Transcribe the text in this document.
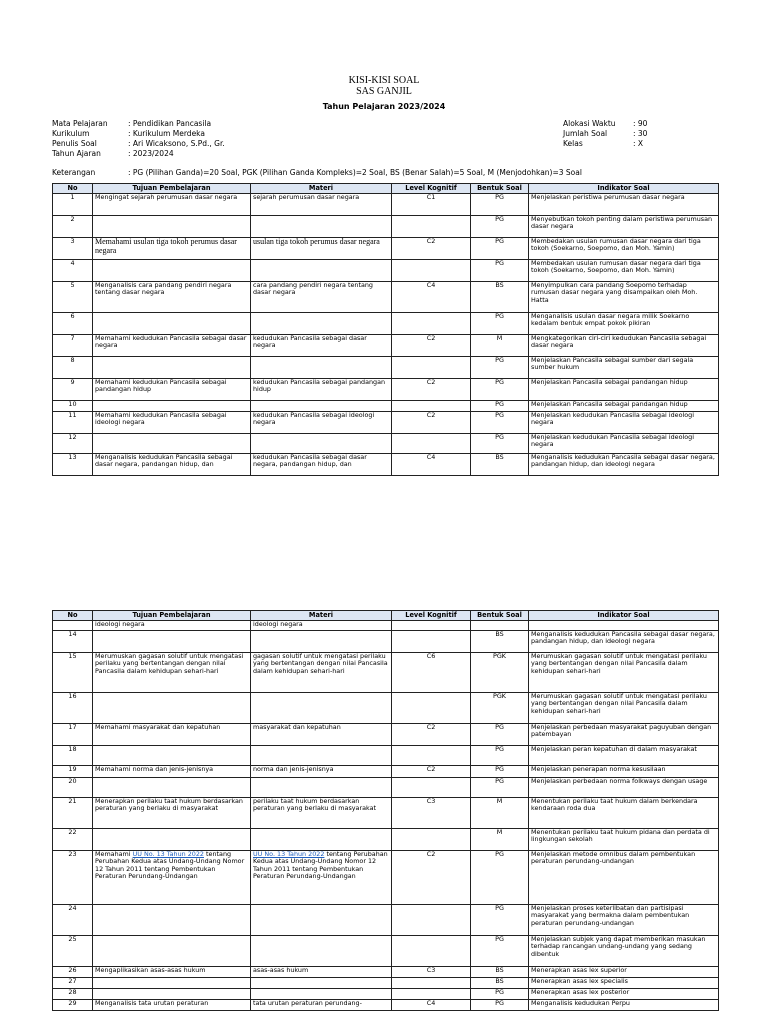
KISI-KISI SOAL
SAS GANJIL
Tahun Pelajaran 2023/2024
Mata Pelajaran	: Pendidikan Pancasila
Kurikulum	: Kurikulum Merdeka
Penulis Soal	: Ari Wicaksono, S.Pd., Gr.
Tahun Ajaran	: 2023/2024
Alokasi Waktu	: 90
Jumlah Soal	: 30
Kelas	: X
Keterangan	: PG (Pilihan Ganda)=20 Soal, PGK (Pilihan Ganda Kompleks)=2 Soal, BS (Benar Salah)=5 Soal, M (Menjodohkan)=3 Soal
No	Tujuan Pembelajaran	Materi	Level Kognitif	Bentuk Soal	Indikator Soal
1	Mengingat sejarah perumusan dasar negara	sejarah perumusan dasar negara	C1	PG	Menjelaskan peristiwa perumusan dasar negara
2				PG	Menyebutkan tokoh penting dalam peristiwa perumusan dasar negara
3	Memahami usulan tiga tokoh perumus dasar negara	usulan tiga tokoh perumus dasar negara	C2	PG	Membedakan usulan rumusan dasar negara dari tiga tokoh (Soekarno, Soepomo, dan Moh. Yamin)
4				PG	Membedakan usulan rumusan dasar negara dari tiga tokoh (Soekarno, Soepomo, dan Moh. Yamin)
5	Menganalisis cara pandang pendiri negara tentang dasar negara	cara pandang pendiri negara tentang dasar negara	C4	BS	Menyimpulkan cara pandang Soepomo terhadap rumusan dasar negara yang disampaikan oleh Moh. Hatta
6				PG	Menganalisis usulan dasar negara milik Soekarno kedalam bentuk empat pokok pikiran
7	Memahami kedudukan Pancasila sebagai dasar negara	kedudukan Pancasila sebagai dasar negara	C2	M	Mengkategorikan ciri-ciri kedudukan Pancasila sebagai dasar negara
8				PG	Menjelaskan Pancasila sebagai sumber dari segala sumber hukum
9	Memahami kedudukan Pancasila sebagai pandangan hidup	kedudukan Pancasila sebagai pandangan hidup	C2	PG	Menjelaskan Pancasila sebagai pandangan hidup
10				PG	Menjelaskan Pancasila sebagai pandangan hidup
11	Memahami kedudukan Pancasila sebagai ideologi negara	kedudukan Pancasila sebagai ideologi negara	C2	PG	Menjelaskan kedudukan Pancasila sebagai ideologi negara
12				PG	Menjelaskan kedudukan Pancasila sebagai ideologi negara
13	Menganalisis kedudukan Pancasila sebagai dasar negara, pandangan hidup, dan	kedudukan Pancasila sebagai dasar negara, pandangan hidup, dan	C4	BS	Menganalisis kedudukan Pancasila sebagai dasar negara, pandangan hidup, dan ideologi negara
No	Tujuan Pembelajaran	Materi	Level Kognitif	Bentuk Soal	Indikator Soal
	ideologi negara	ideologi negara			
14				BS	Menganalisis kedudukan Pancasila sebagai dasar negara, pandangan hidup, dan ideologi negara
15	Merumuskan gagasan solutif untuk mengatasi perilaku yang bertentangan dengan nilai Pancasila dalam kehidupan sehari-hari	gagasan solutif untuk mengatasi perilaku yang bertentangan dengan nilai Pancasila dalam kehidupan sehari-hari	C6	PGK	Merumuskan gagasan solutif untuk mengatasi perilaku yang bertentangan dengan nilai Pancasila dalam kehidupan sehari-hari
16				PGK	Merumuskan gagasan solutif untuk mengatasi perilaku yang bertentangan dengan nilai Pancasila dalam kehidupan sehari-hari
17	Memahami masyarakat dan kepatuhan	masyarakat dan kepatuhan	C2	PG	Menjelaskan perbedaan masyarakat paguyuban dengan patembayan
18				PG	Menjelaskan peran kepatuhan di dalam masyarakat
19	Memahami norma dan jenis-jenisnya	norma dan jenis-jenisnya	C2	PG	Menjelaskan penerapan norma kesusilaan
20				PG	Menjelaskan perbedaan norma folkways dengan usage
21	Menerapkan perilaku taat hukum berdasarkan peraturan yang berlaku di masyarakat	perilaku taat hukum berdasarkan peraturan yang berlaku di masyarakat	C3	M	Menentukan perilaku taat hukum dalam berkendara kendaraan roda dua
22				M	Menentukan perilaku taat hukum pidana dan perdata di lingkungan sekolah
23	Memahami UU No. 13 Tahun 2022 tentang Perubahan Kedua atas Undang-Undang Nomor 12 Tahun 2011 tentang Pembentukan Peraturan Perundang-Undangan	UU No. 13 Tahun 2022 tentang Perubahan Kedua atas Undang-Undang Nomor 12 Tahun 2011 tentang Pembentukan Peraturan Perundang-Undangan	C2	PG	Menjelaskan metode omnibus dalam pembentukan peraturan perundang-undangan
24				PG	Menjelaskan proses keterlibatan dan partisipasi masyarakat yang bermakna dalam pembentukan peraturan perundang-undangan
25				PG	Menjelaskan subjek yang dapat memberikan masukan terhadap rancangan undang-undang yang sedang dibentuk
26	Mengaplikasikan asas-asas hukum	asas-asas hukum	C3	BS	Menerapkan asas lex superior
27				BS	Menerapkan asas lex specialis
28				PG	Menerapkan asas lex posterior
29	Menganalisis tata urutan peraturan	tata urutan peraturan perundang-	C4	PG	Menganalisis kedudukan Perpu
